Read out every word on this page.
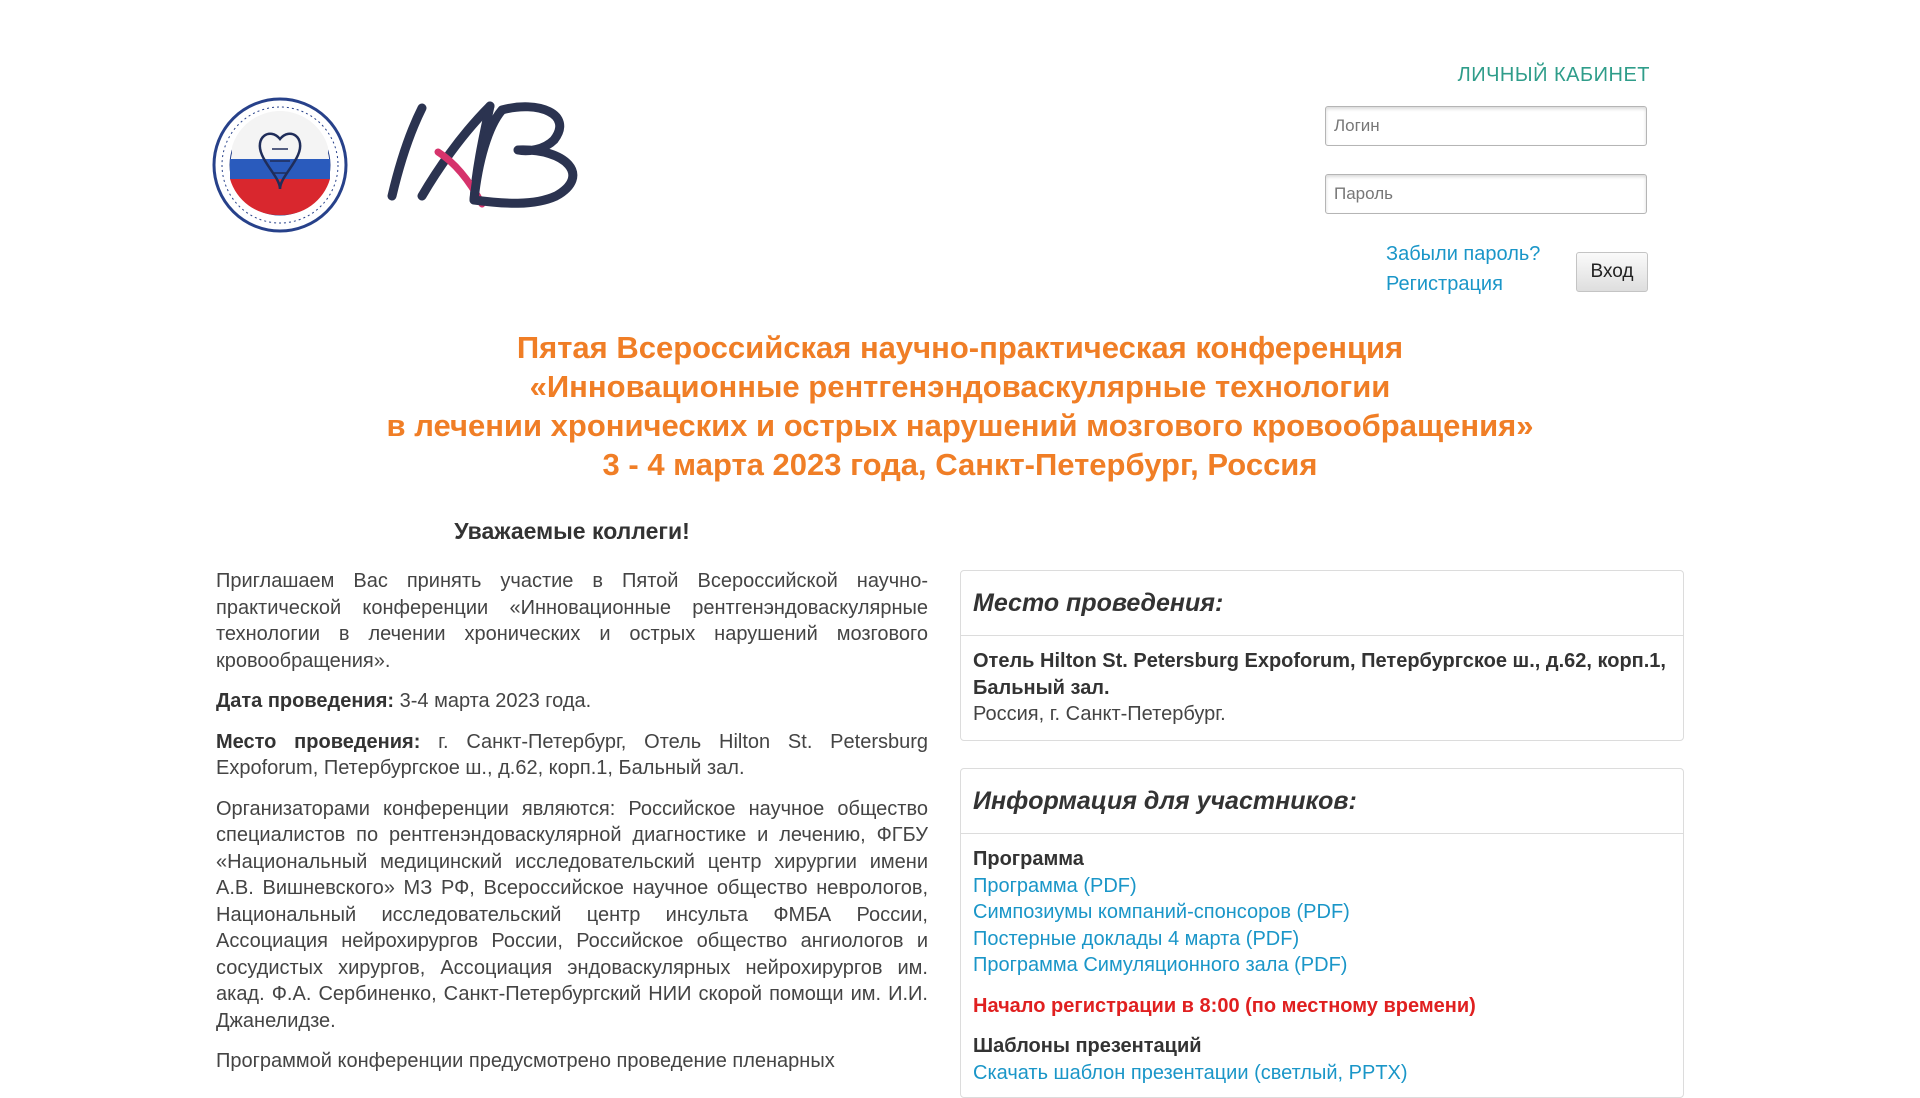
ЛИЧНЫЙ КАБИНЕТ
Логин
Забыли пароль?
Регистрация
Вход
Пятая Всероссийская научно-практическая конференция
«Инновационные рентгенэндоваскулярные технологии
в лечении хронических и острых нарушений мозгового кровообращения»
3 - 4 марта 2023 года, Санкт-Петербург, Россия
Уважаемые коллеги!

Приглашаем Вас принять участие в Пятой Всероссийской научно-практической конференции «Инновационные рентгенэндоваскулярные технологии в лечении хронических и острых нарушений мозгового кровообращения».

Дата проведения: 3-4 марта 2023 года.

Место проведения: г. Санкт-Петербург, Отель Hilton St. Petersburg Expoforum, Петербургское ш., д.62, корп.1, Бальный зал.

Организаторами конференции являются: Российское научное общество специалистов по рентгенэндоваскулярной диагностике и лечению, ФГБУ «Национальный медицинский исследовательский центр хирургии имени А.В. Вишневского» МЗ РФ, Всероссийское научное общество неврологов, Национальный исследовательский центр инсульта ФМБА России, Ассоциация нейрохирургов России, Российское общество ангиологов и сосудистых хирургов, Ассоциация эндоваскулярных нейрохирургов им. акад. Ф.А. Сербиненко, Санкт-Петербургский НИИ скорой помощи им. И.И. Джанелидзе.

Программой конференции предусмотрено проведение пленарных

Место проведения:
Отель Hilton St. Petersburg Expoforum, Петербургское ш., д.62, корп.1, Бальный зал.
Россия, г. Санкт-Петербург.
Информация для участников:
Программа
Программа (PDF)
Симпозиумы компаний-спонсоров (PDF)
Постерные доклады 4 марта (PDF)
Программа Симуляционного зала (PDF)
Начало регистрации в 8:00 (по местному времени)
Шаблоны презентаций
Скачать шаблон презентации (светлый, PPTX)
